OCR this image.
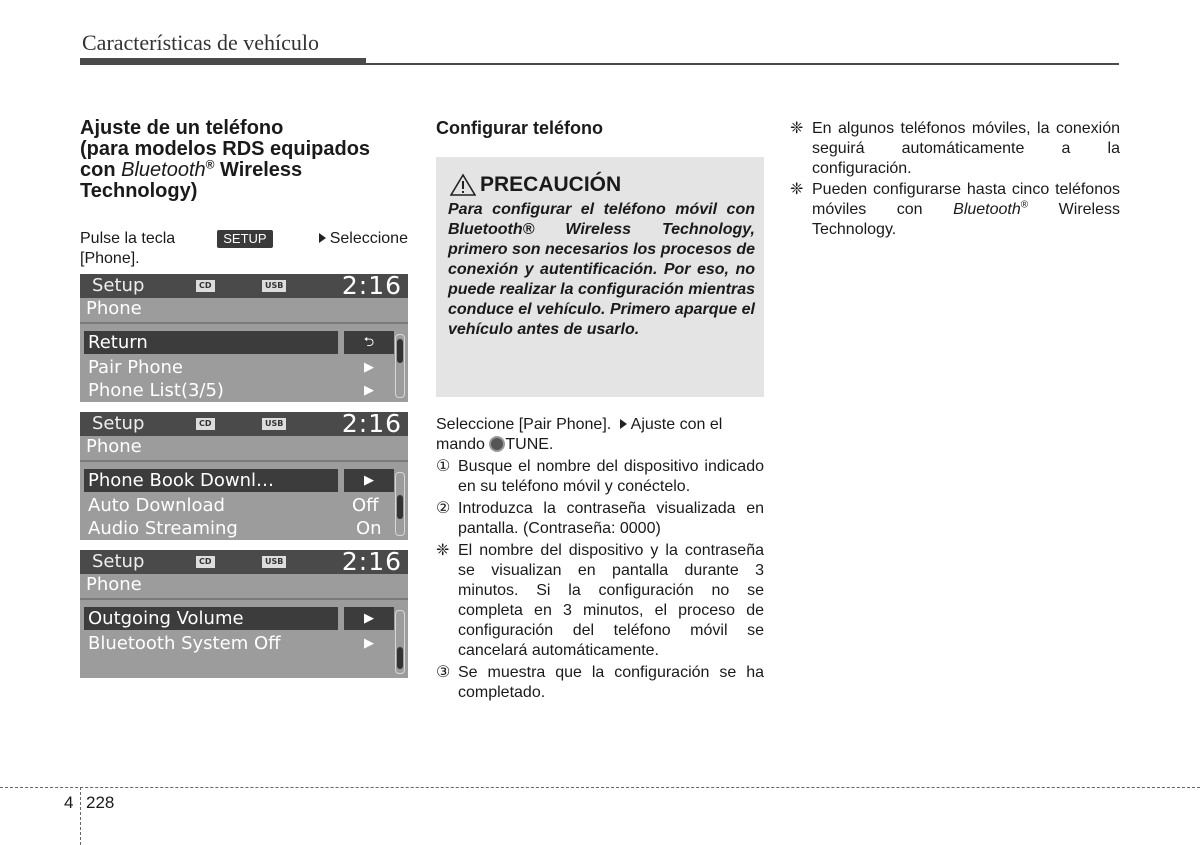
Características de vehículo
Ajuste de un teléfono
(para modelos RDS equipados
con Bluetooth® Wireless
Technology)
Pulse la tecla	SETUP	Seleccione
[Phone].
Setup	CD	USB 2:16
Phone
Return	⮌
Pair Phone	▶
Phone List(3/5)	▶
Setup	CD	USB 2:16
Phone
Phone Book Downl…	▶
Auto Download	Off
Audio Streaming	On
Setup	CD	USB 2:16
Phone
Outgoing Volume	▶
Bluetooth System Off	▶
Configurar teléfono
PRECAUCIÓN
Para configurar el teléfono móvil con Bluetooth® Wireless Technology, primero son necesarios los procesos de conexión y autentificación. Por eso, no puede realizar la configuración mientras conduce el vehículo. Primero aparque el vehículo antes de usarlo.

Seleccione [Pair Phone]. Ajuste con el mando TUNE.

① Busque el nombre del dispositivo indicado en su teléfono móvil y conéctelo.
② Introduzca la contraseña visualizada en pantalla. (Contraseña: 0000)
❈ El nombre del dispositivo y la contraseña se visualizan en pantalla durante 3 minutos. Si la configuración no se completa en 3 minutos, el proceso de configuración del teléfono móvil se cancelará automáticamente.
③ Se muestra que la configuración se ha completado.
❈ En algunos teléfonos móviles, la conexión seguirá automáticamente a la configuración.
❈ Pueden configurarse hasta cinco teléfonos móviles con Bluetooth® Wireless Technology.
4 228
